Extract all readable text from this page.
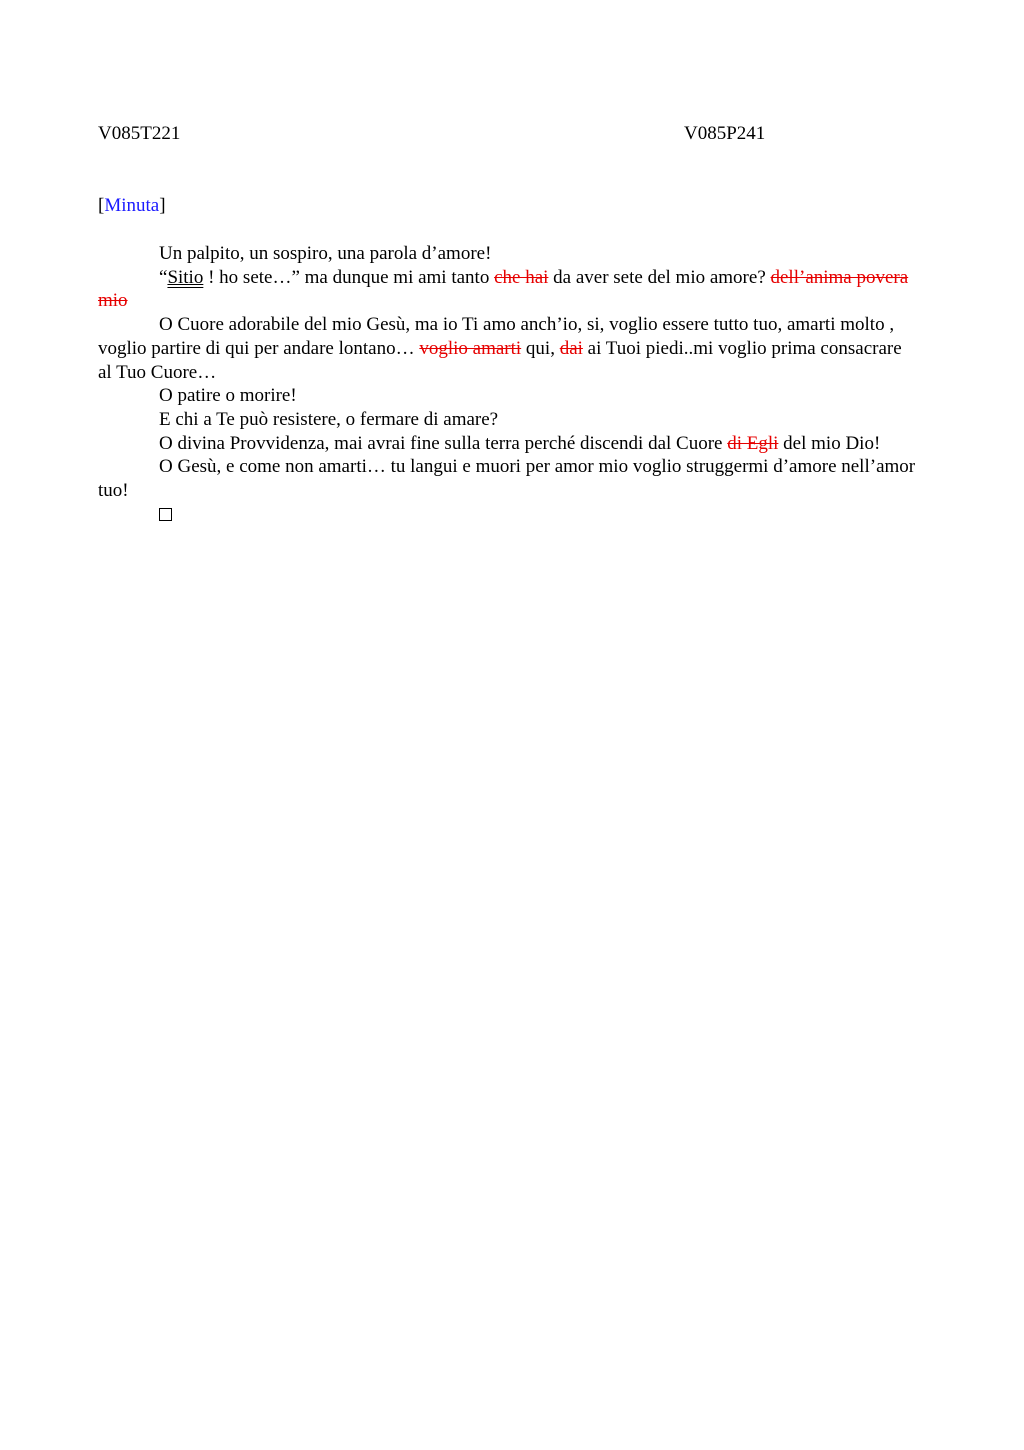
V085T221	V085P241
[Minuta]

Un palpito, un sospiro, una parola d’amore!

“Sitio ! ho sete…” ma dunque mi ami tanto che hai da aver sete del mio amore? dell’anima povera mio

O Cuore adorabile del mio Gesù, ma io Ti amo anch’io, si, voglio essere tutto tuo, amarti molto , voglio partire di qui per andare lontano… voglio amarti qui, dai ai Tuoi piedi..mi voglio prima consacrare al Tuo Cuore…

O patire o morire!

E chi a Te può resistere, o fermare di amare?

O divina Provvidenza, mai avrai fine sulla terra perché discendi dal Cuore di Egli del mio Dio!

O Gesù, e come non amarti… tu langui e muori per amor mio voglio struggermi d’amore nell’amor tuo!
